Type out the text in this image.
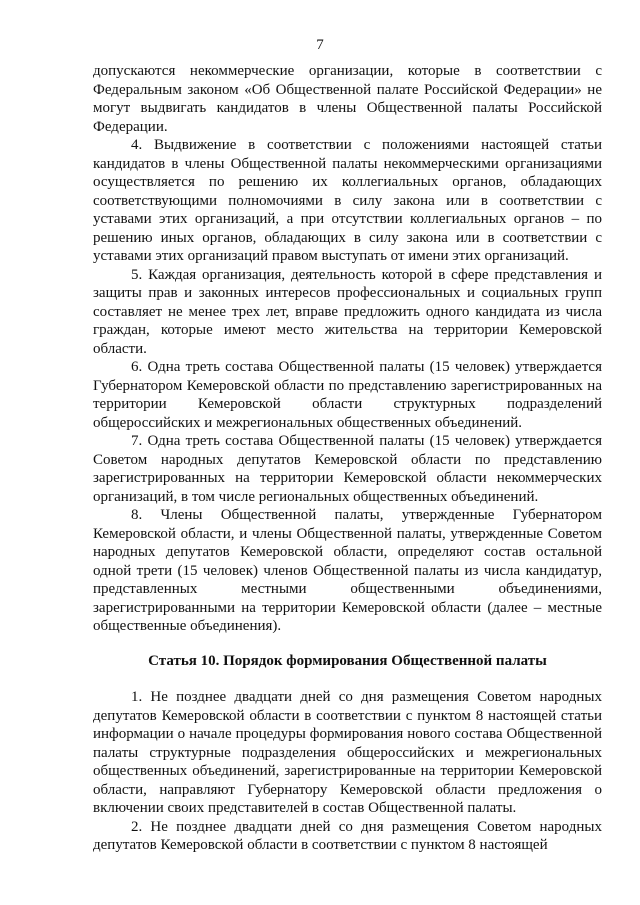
7

допускаются некоммерческие организации, которые в соответствии с Федеральным законом «Об Общественной палате Российской Федерации» не могут выдвигать кандидатов в члены Общественной палаты Российской Федерации.

4. Выдвижение в соответствии с положениями настоящей статьи кандидатов в члены Общественной палаты некоммерческими организациями осуществляется по решению их коллегиальных органов, обладающих соответствующими полномочиями в силу закона или в соответствии с уставами этих организаций, а при отсутствии коллегиальных органов – по решению иных органов, обладающих в силу закона или в соответствии с уставами этих организаций правом выступать от имени этих организаций.

5. Каждая организация, деятельность которой в сфере представления и защиты прав и законных интересов профессиональных и социальных групп составляет не менее трех лет, вправе предложить одного кандидата из числа граждан, которые имеют место жительства на территории Кемеровской области.

6. Одна треть состава Общественной палаты (15 человек) утверждается Губернатором Кемеровской области по представлению зарегистрированных на территории Кемеровской области структурных подразделений общероссийских и межрегиональных общественных объединений.

7. Одна треть состава Общественной палаты (15 человек) утверждается Советом народных депутатов Кемеровской области по представлению зарегистрированных на территории Кемеровской области некоммерческих организаций, в том числе региональных общественных объединений.

8. Члены Общественной палаты, утвержденные Губернатором Кемеровской области, и члены Общественной палаты, утвержденные Советом народных депутатов Кемеровской области, определяют состав остальной одной трети (15 человек) членов Общественной палаты из числа кандидатур, представленных местными общественными объединениями, зарегистрированными на территории Кемеровской области (далее – местные общественные объединения).

Статья 10. Порядок формирования Общественной палаты

1. Не позднее двадцати дней со дня размещения Советом народных депутатов Кемеровской области в соответствии с пунктом 8 настоящей статьи информации о начале процедуры формирования нового состава Общественной палаты структурные подразделения общероссийских и межрегиональных общественных объединений, зарегистрированные на территории Кемеровской области, направляют Губернатору Кемеровской области предложения о включении своих представителей в состав Общественной палаты.

2. Не позднее двадцати дней со дня размещения Советом народных депутатов Кемеровской области в соответствии с пунктом 8 настоящей
